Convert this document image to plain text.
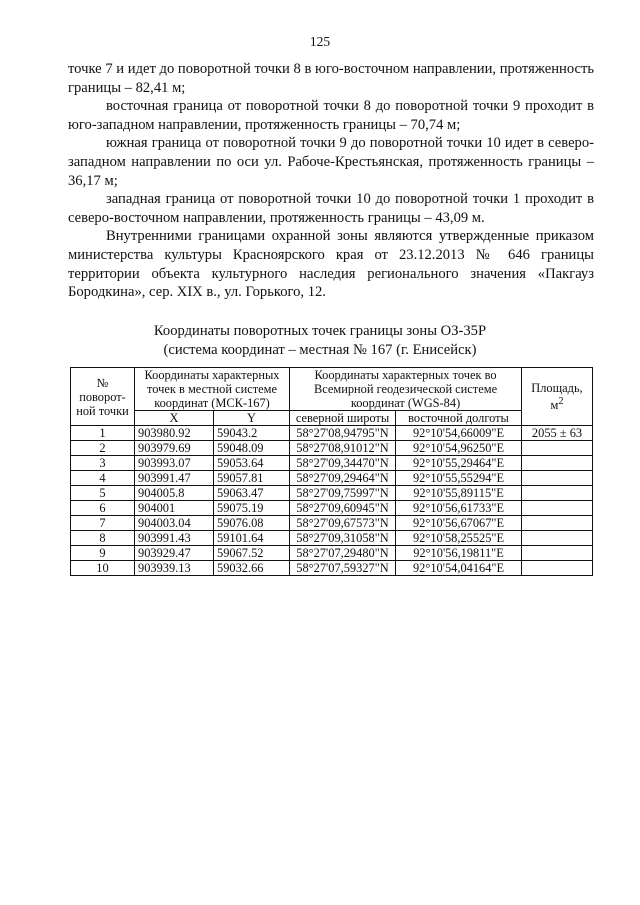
125

точке 7 и идет до поворотной точки 8 в юго-восточном направлении, протяженность границы – 82,41 м;

восточная граница от поворотной точки 8 до поворотной точки 9 проходит в юго-западном направлении, протяженность границы – 70,74 м;

южная граница от поворотной точки 9 до поворотной точки 10 идет в северо-западном направлении по оси ул. Рабоче-Крестьянская, протяженность границы – 36,17 м;

западная граница от поворотной точки 10 до поворотной точки 1 проходит в северо-восточном направлении, протяженность границы – 43,09 м.

Внутренними границами охранной зоны являются утвержденные приказом министерства культуры Красноярского края от 23.12.2013 № 646 границы территории объекта культурного наследия регионального значения «Пакгауз Бородкина», сер. XIX в., ул. Горького, 12.

Координаты поворотных точек границы зоны ОЗ-35Р
(система координат – местная № 167 (г. Енисейск)
№ поворот-ной точки	Координаты характерных точек в местной системе координат (МСК-167)		Координаты характерных точек во Всемирной геодезической системе координат (WGS-84)		Площадь, $м^2$
	X	Y	северной широты	восточной долготы	
1	903980.92	59043.2	58°27'08,94795"N	92°10'54,66009"E	2055 ± 63
2	903979.69	59048.09	58°27'08,91012"N	92°10'54,96250"E	
3	903993.07	59053.64	58°27'09,34470"N	92°10'55,29464"E	
4	903991.47	59057.81	58°27'09,29464"N	92°10'55,55294"E	
5	904005.8	59063.47	58°27'09,75997"N	92°10'55,89115"E	
6	904001	59075.19	58°27'09,60945"N	92°10'56,61733"E	
7	904003.04	59076.08	58°27'09,67573"N	92°10'56,67067"E	
8	903991.43	59101.64	58°27'09,31058"N	92°10'58,25525"E	
9	903929.47	59067.52	58°27'07,29480"N	92°10'56,19811"E	
10	903939.13	59032.66	58°27'07,59327"N	92°10'54,04164"E	
